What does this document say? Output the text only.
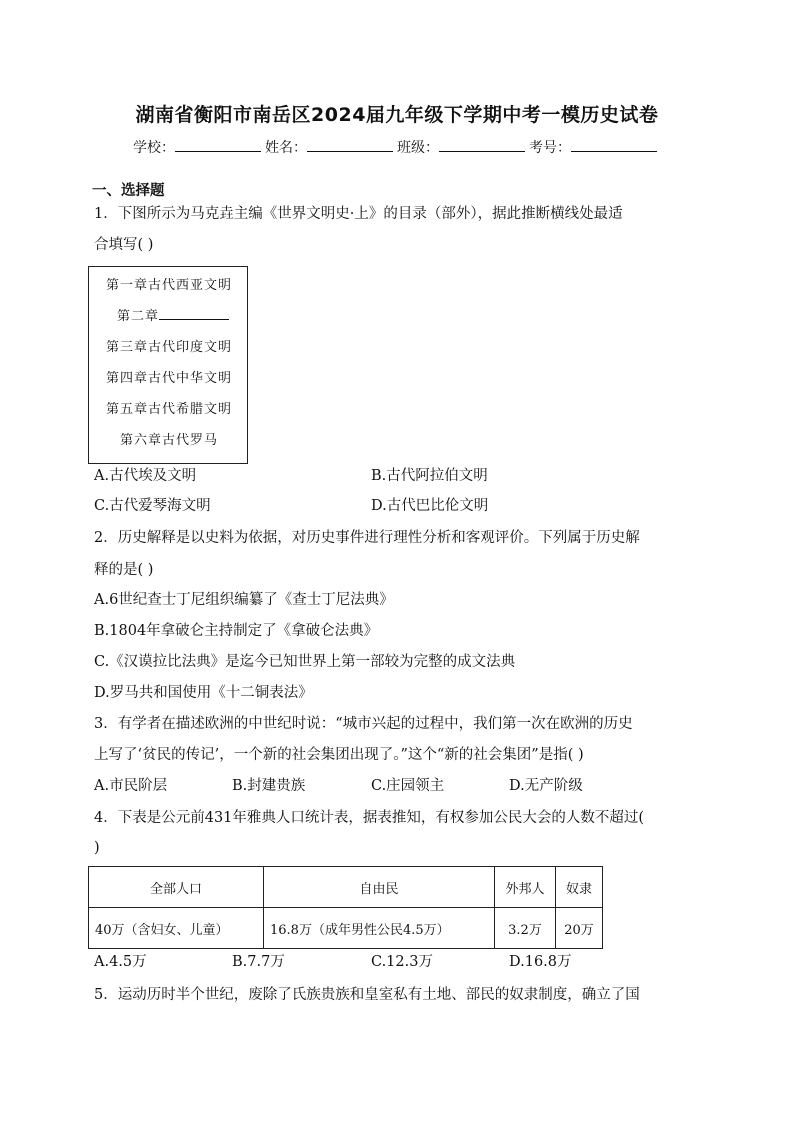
湖南省衡阳市南岳区2024届九年级下学期中考一模历史试卷
学校：	姓名：	班级：	考号：
一、选择题
1．下图所示为马克垚主编《世界文明史·上》的目录（部外），据此推断横线处最适
合填写( )
第一章古代西亚文明
第二章
第三章古代印度文明
第四章古代中华文明
第五章古代希腊文明
第六章古代罗马
A.古代埃及文明	B.古代阿拉伯文明
C.古代爱琴海文明	D.古代巴比伦文明
2．历史解释是以史料为依据，对历史事件进行理性分析和客观评价。下列属于历史解
释的是( )
A.6世纪查士丁尼组织编纂了《查士丁尼法典》
B.1804年拿破仑主持制定了《拿破仑法典》
C.《汉谟拉比法典》是迄今已知世界上第一部较为完整的成文法典
D.罗马共和国使用《十二铜表法》
3．有学者在描述欧洲的中世纪时说：“城市兴起的过程中，我们第一次在欧洲的历史
上写了‘贫民的传记’，一个新的社会集团出现了。”这个“新的社会集团”是指( )
A.市民阶层	B.封建贵族	C.庄园领主	D.无产阶级
4．下表是公元前431年雅典人口统计表，据表推知，有权参加公民大会的人数不超过(
)
全部人口	自由民	外邦人	奴隶
40万（含妇女、儿童）	16.8万（成年男性公民4.5万）	3.2万	20万
A.4.5万	B.7.7万	C.12.3万	D.16.8万
5．运动历时半个世纪，废除了氏族贵族和皇室私有土地、部民的奴隶制度，确立了国
